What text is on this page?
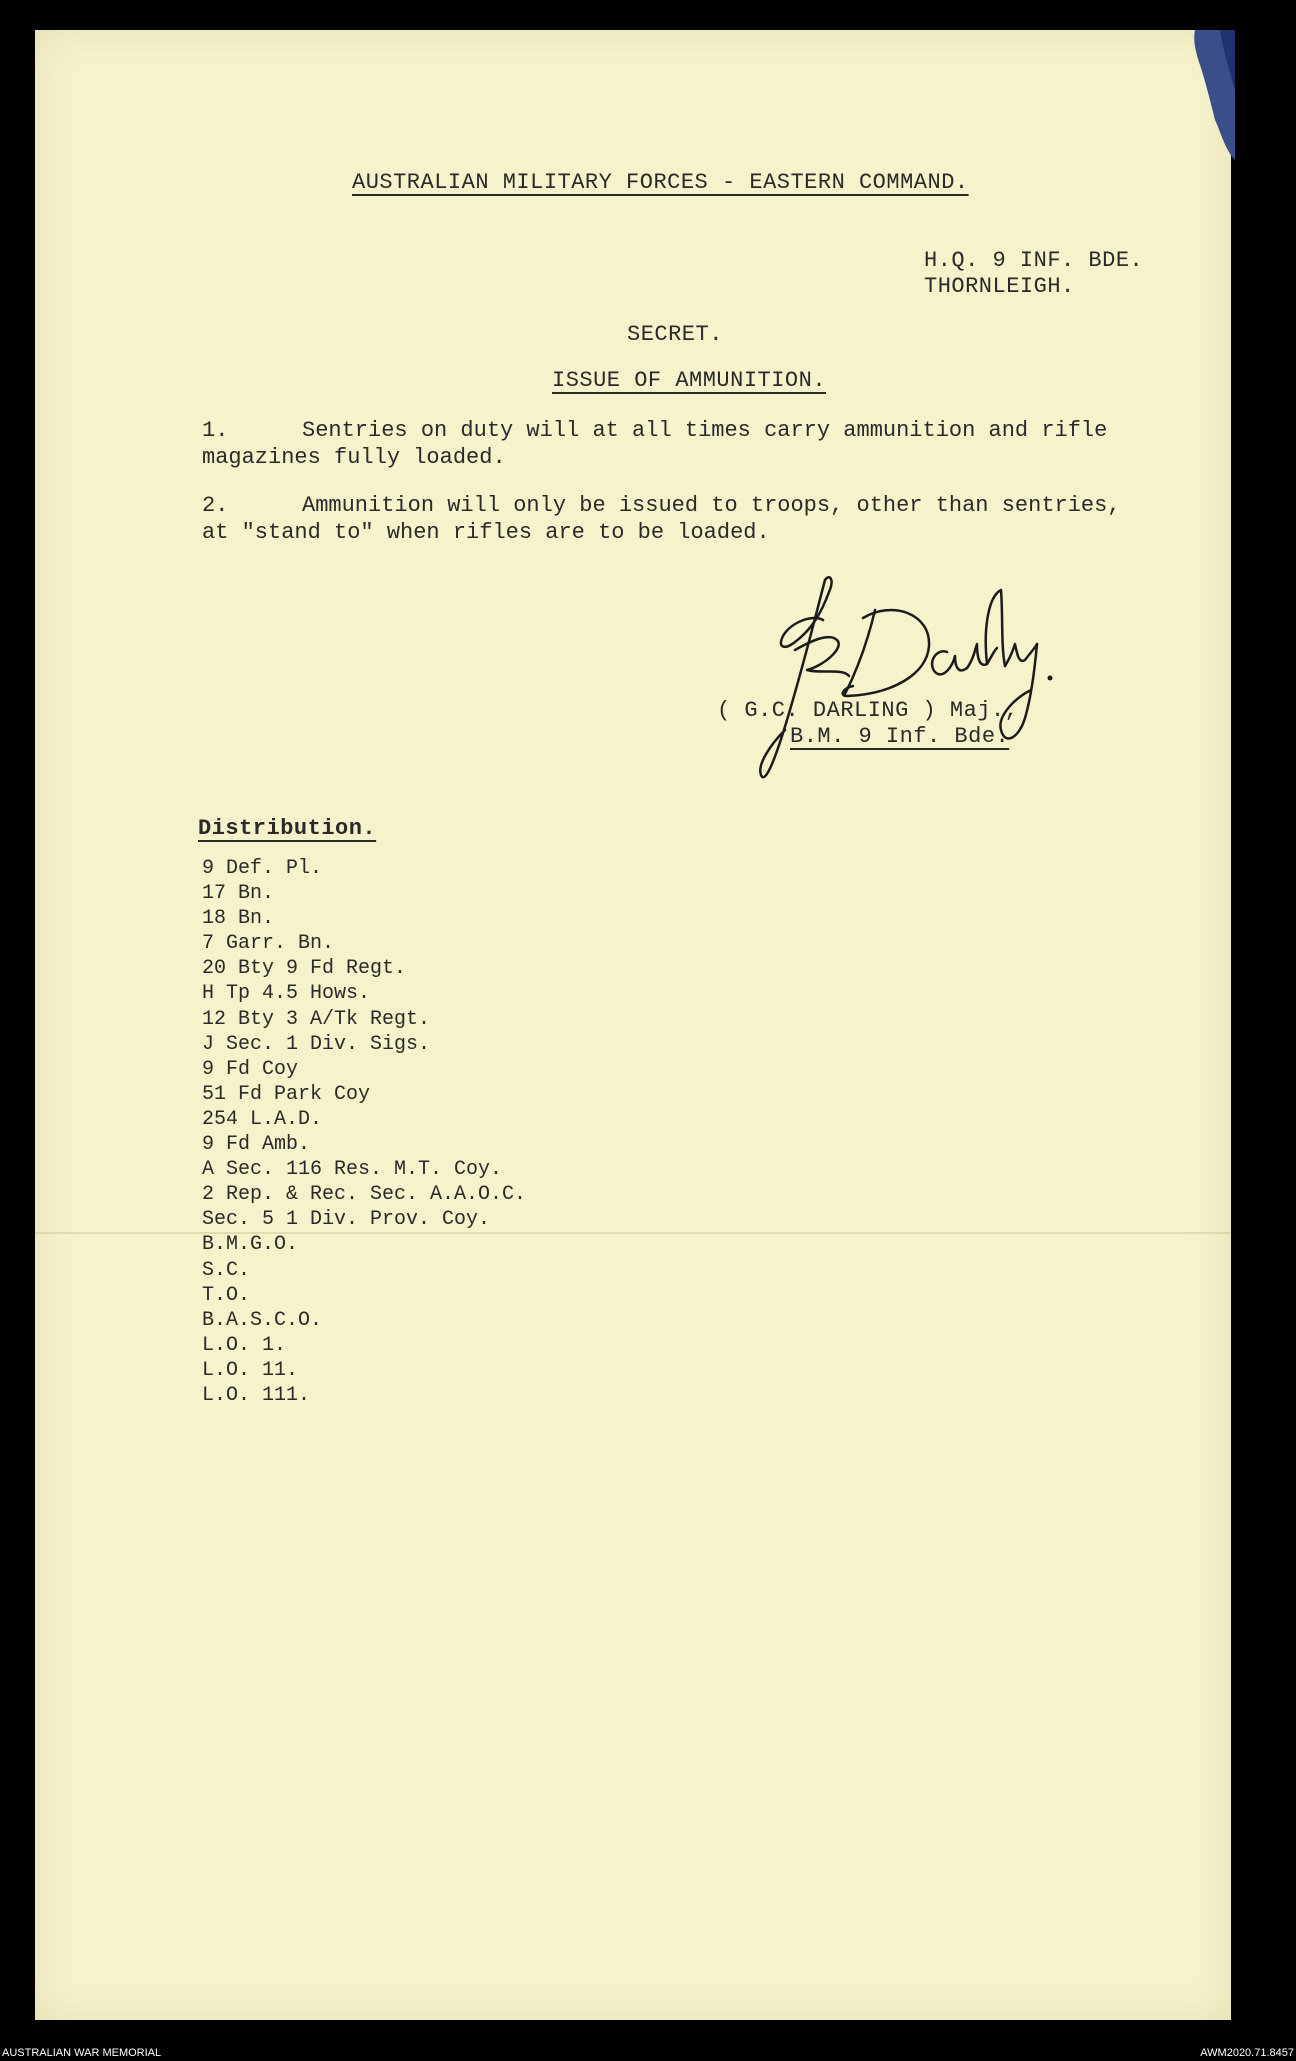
AUSTRALIAN MILITARY FORCES - EASTERN COMMAND.
H.Q. 9 INF. BDE.
THORNLEIGH.
SECRET.
ISSUE OF AMMUNITION.
1.	Sentries on duty will at all times carry ammunition and rifle
magazines fully loaded.
2.	Ammunition will only be issued to troops, other than sentries,
at "stand to" when rifles are to be loaded.
( G.C. DARLING ) Maj.,
B.M. 9 Inf. Bde.
Distribution.
9 Def. Pl.
17 Bn.
18 Bn.
7 Garr. Bn.
20 Bty 9 Fd Regt.
H Tp 4.5 Hows.
12 Bty 3 A/Tk Regt.
J Sec. 1 Div. Sigs.
9 Fd Coy
51 Fd Park Coy
254 L.A.D.
9 Fd Amb.
A Sec. 116 Res. M.T. Coy.
2 Rep. & Rec. Sec. A.A.O.C.
Sec. 5 1 Div. Prov. Coy.
B.M.G.O.
S.C.
T.O.
B.A.S.C.O.
L.O. 1.
L.O. 11.
L.O. 111.
AUSTRALIAN WAR MEMORIAL	AWM2020.71.8457
